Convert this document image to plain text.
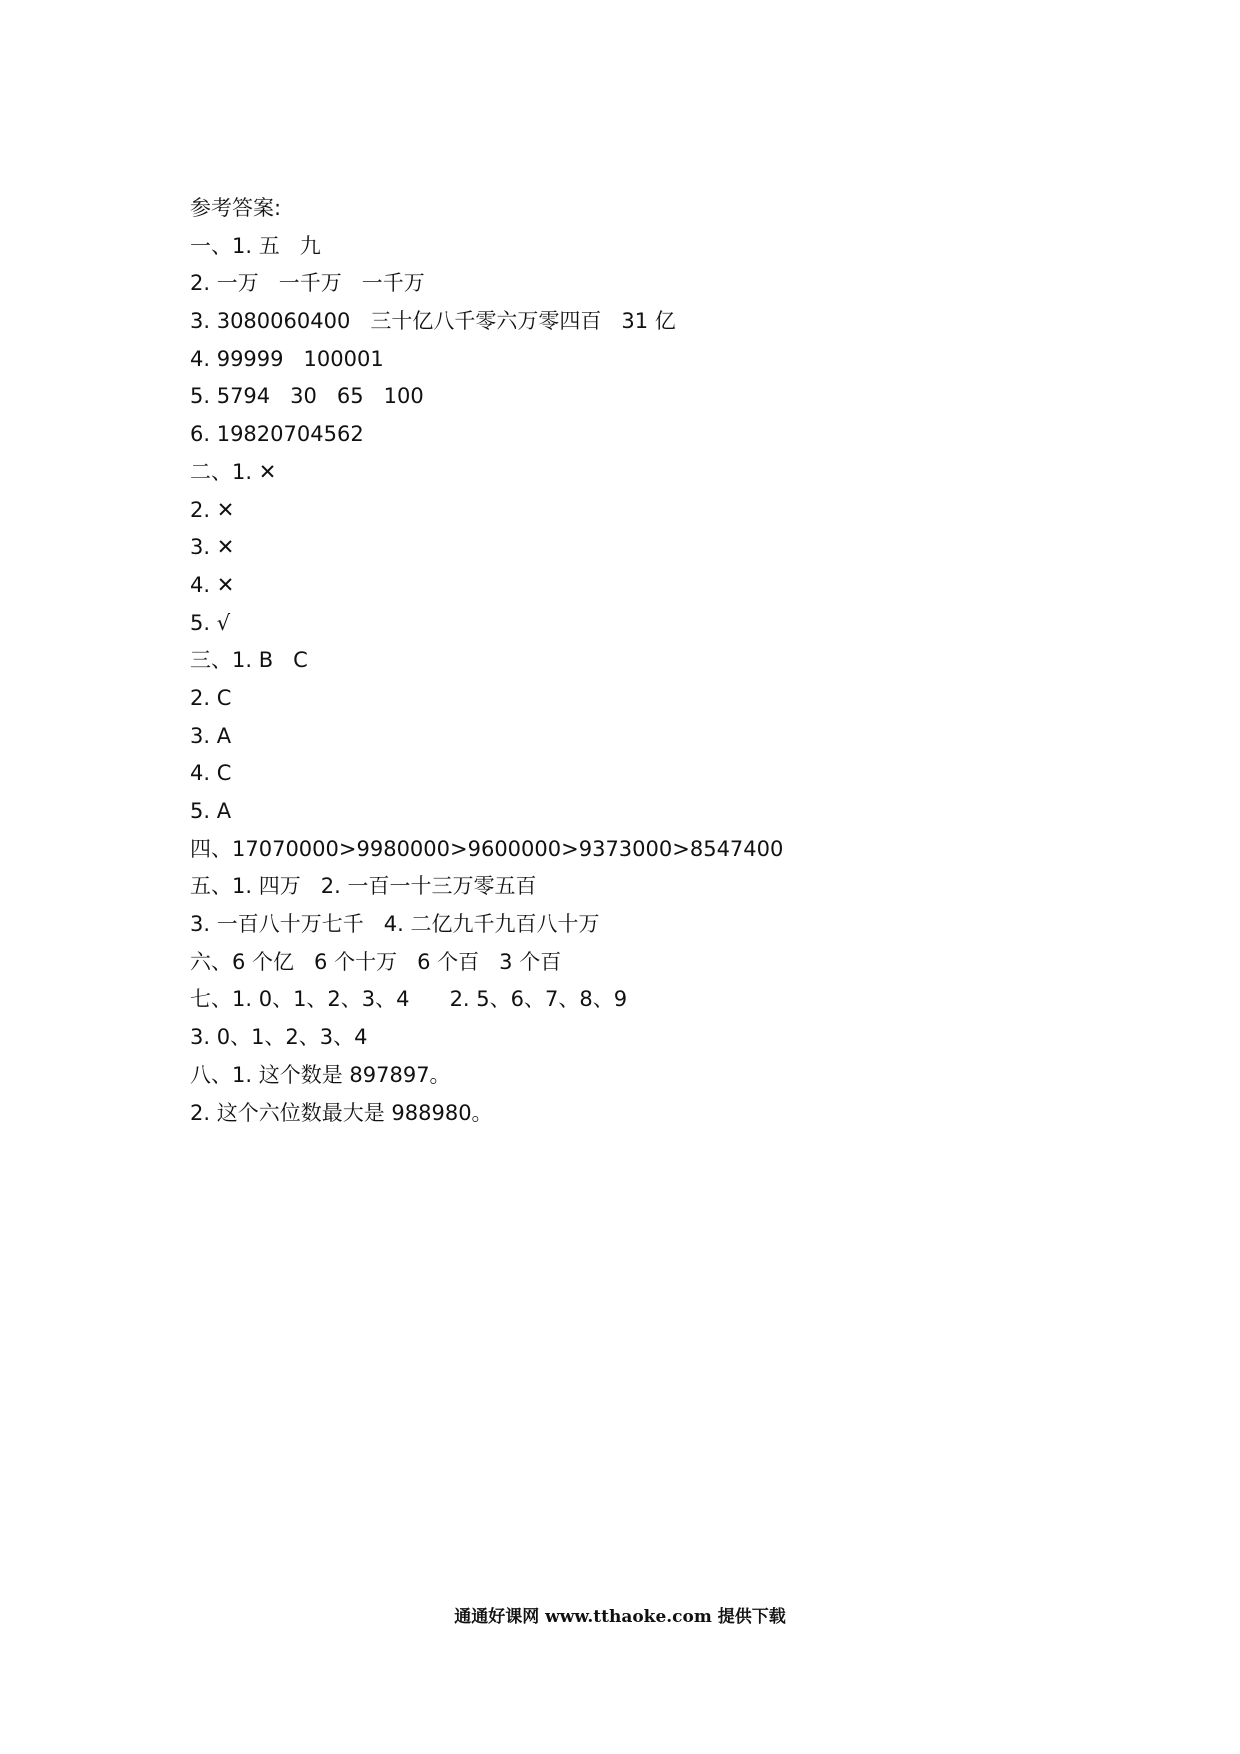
参考答案:
一、1. 五   九
2. 一万   一千万   一千万
3. 3080060400   三十亿八千零六万零四百   31 亿
4. 99999   100001
5. 5794   30   65   100
6. 19820704562
二、1. ✕
2. ✕
3. ✕
4. ✕
5. √
三、1. B   C
2. C
3. A
4. C
5. A
四、17070000>9980000>9600000>9373000>8547400
五、1. 四万   2. 一百一十三万零五百
3. 一百八十万七千   4. 二亿九千九百八十万
六、6 个亿   6 个十万   6 个百   3 个百
七、1. 0、1、2、3、4      2. 5、6、7、8、9
3. 0、1、2、3、4
八、1. 这个数是 897897。
2. 这个六位数最大是 988980。
通通好课网 www.tthaoke.com 提供下载
